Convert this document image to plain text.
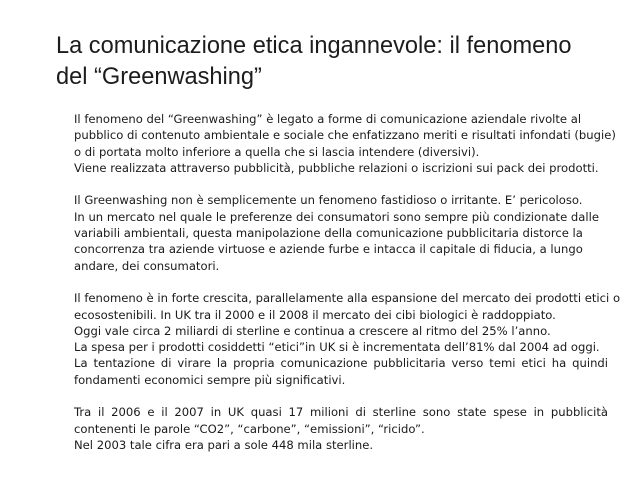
La comunicazione etica ingannevole: il fenomeno
del “Greenwashing”

Il fenomeno del “Greenwashing” è legato a forme di comunicazione aziendale rivolte al
pubblico di contenuto ambientale e sociale che enfatizzano meriti e risultati infondati (bugie)
o di portata molto inferiore a quella che si lascia intendere (diversivi).
Viene realizzata attraverso pubblicità, pubbliche relazioni o iscrizioni sui pack dei prodotti.

Il Greenwashing non è semplicemente un fenomeno fastidioso o irritante. E’ pericoloso.
In un mercato nel quale le preferenze dei consumatori sono sempre più condizionate dalle
variabili ambientali, questa manipolazione della comunicazione pubblicitaria distorce la
concorrenza tra aziende virtuose e aziende furbe e intacca il capitale di fiducia, a lungo
andare, dei consumatori.

Il fenomeno è in forte crescita, parallelamente alla espansione del mercato dei prodotti etici o
ecosostenibili. In UK tra il 2000 e il 2008 il mercato dei cibi biologici è raddoppiato.
Oggi vale circa 2 miliardi di sterline e continua a crescere al ritmo del 25% l’anno.
La spesa per i prodotti cosiddetti “etici”in UK si è incrementata dell’81% dal 2004 ad oggi.
La tentazione di virare la propria comunicazione pubblicitaria verso temi etici ha quindi
fondamenti economici sempre più significativi.

Tra il 2006 e il 2007 in UK quasi 17 milioni di sterline sono state spese in pubblicità
contenenti le parole “CO2”, “carbone”, “emissioni”, “ricido”.
Nel 2003 tale cifra era pari a sole 448 mila sterline.
